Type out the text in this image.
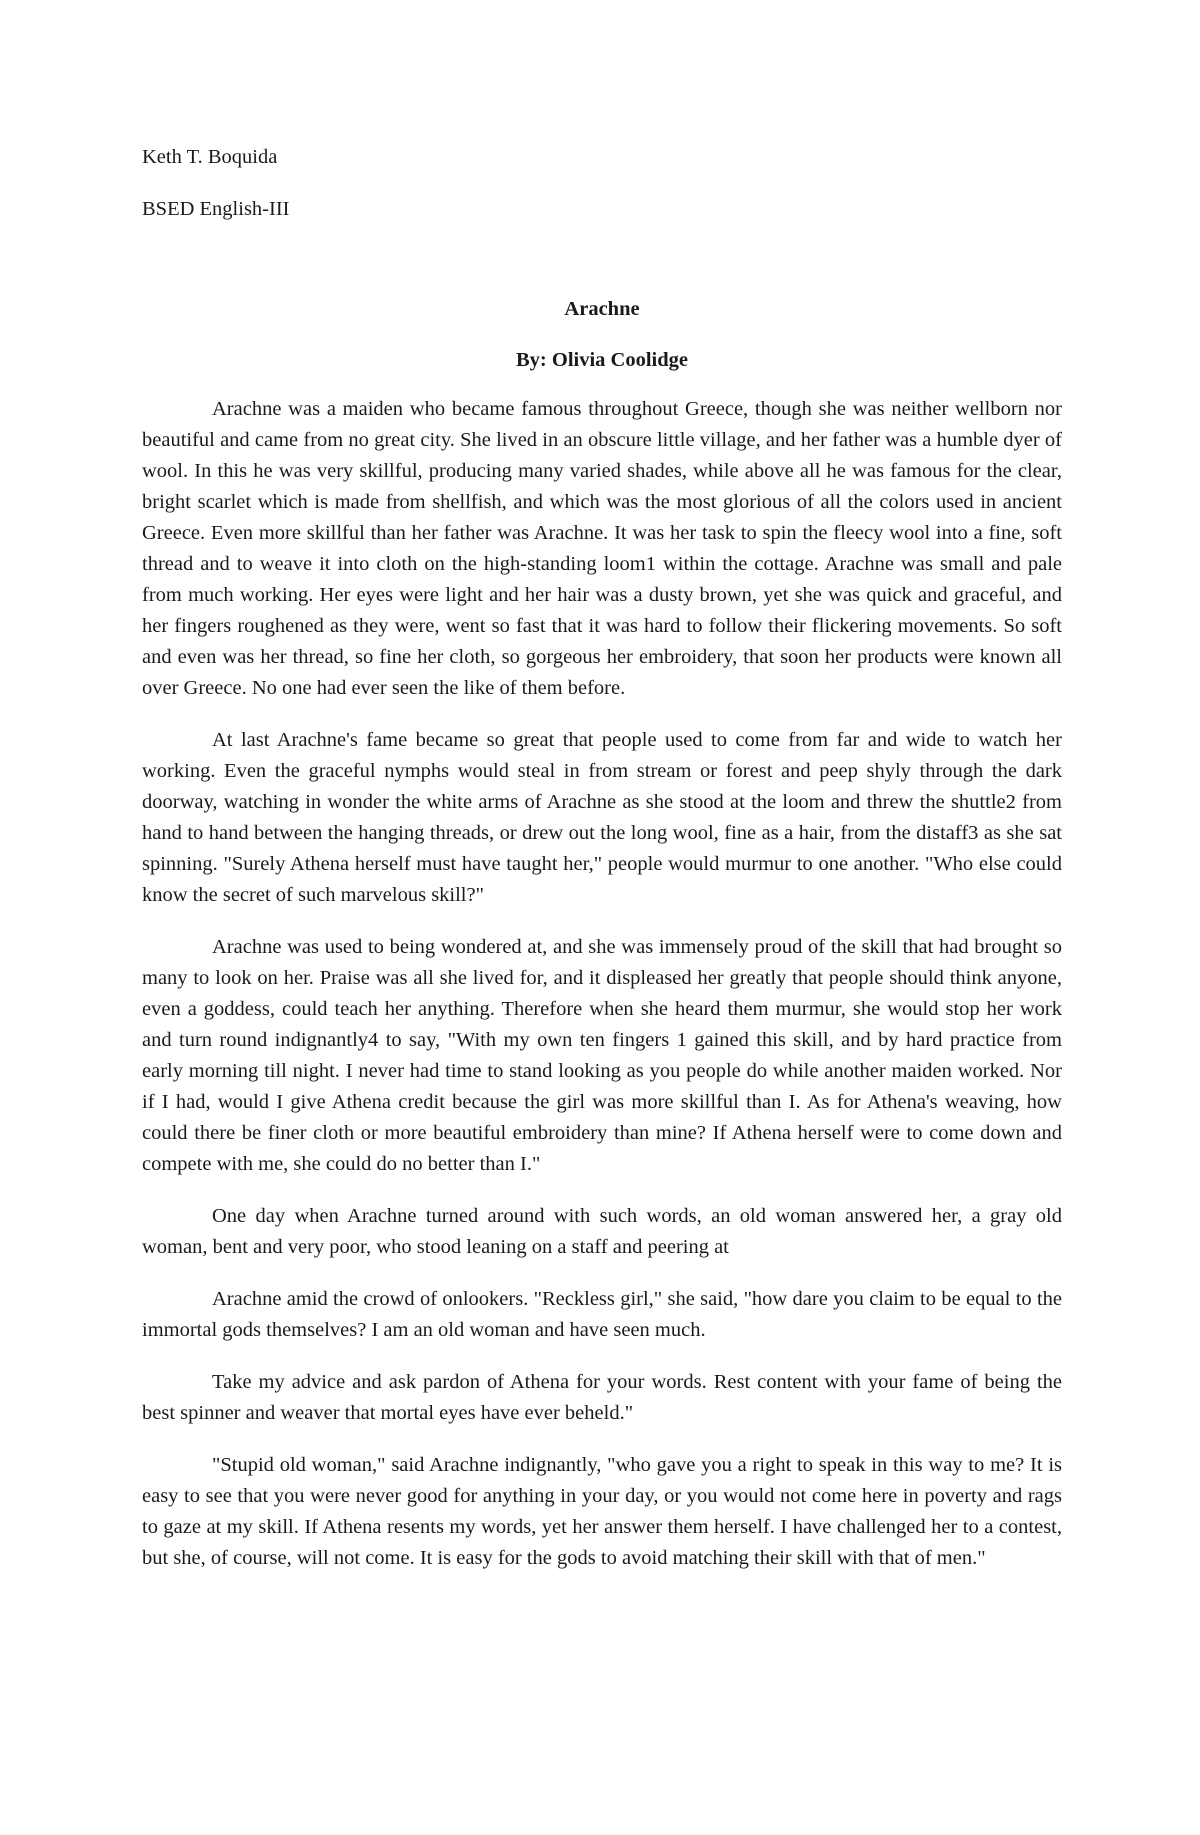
Keth T. Boquida
BSED English-III
Arachne
By: Olivia Coolidge

Arachne was a maiden who became famous throughout Greece, though she was neither wellborn nor beautiful and came from no great city. She lived in an obscure little village, and her father was a humble dyer of wool. In this he was very skillful, producing many varied shades, while above all he was famous for the clear, bright scarlet which is made from shellfish, and which was the most glorious of all the colors used in ancient Greece. Even more skillful than her father was Arachne. It was her task to spin the fleecy wool into a fine, soft thread and to weave it into cloth on the high-standing loom1 within the cottage. Arachne was small and pale from much working. Her eyes were light and her hair was a dusty brown, yet she was quick and graceful, and her fingers roughened as they were, went so fast that it was hard to follow their flickering movements. So soft and even was her thread, so fine her cloth, so gorgeous her embroidery, that soon her products were known all over Greece. No one had ever seen the like of them before.

At last Arachne's fame became so great that people used to come from far and wide to watch her working. Even the graceful nymphs would steal in from stream or forest and peep shyly through the dark doorway, watching in wonder the white arms of Arachne as she stood at the loom and threw the shuttle2 from hand to hand between the hanging threads, or drew out the long wool, fine as a hair, from the distaff3 as she sat spinning. "Surely Athena herself must have taught her," people would murmur to one another. "Who else could know the secret of such marvelous skill?"

Arachne was used to being wondered at, and she was immensely proud of the skill that had brought so many to look on her. Praise was all she lived for, and it displeased her greatly that people should think anyone, even a goddess, could teach her anything. Therefore when she heard them murmur, she would stop her work and turn round indignantly4 to say, "With my own ten fingers 1 gained this skill, and by hard practice from early morning till night. I never had time to stand looking as you people do while another maiden worked. Nor if I had, would I give Athena credit because the girl was more skillful than I. As for Athena's weaving, how could there be finer cloth or more beautiful embroidery than mine? If Athena herself were to come down and compete with me, she could do no better than I."

One day when Arachne turned around with such words, an old woman answered her, a gray old woman, bent and very poor, who stood leaning on a staff and peering at

Arachne amid the crowd of onlookers. "Reckless girl," she said, "how dare you claim to be equal to the immortal gods themselves? I am an old woman and have seen much.

Take my advice and ask pardon of Athena for your words. Rest content with your fame of being the best spinner and weaver that mortal eyes have ever beheld."

"Stupid old woman," said Arachne indignantly, "who gave you a right to speak in this way to me? It is easy to see that you were never good for anything in your day, or you would not come here in poverty and rags to gaze at my skill. If Athena resents my words, yet her answer them herself. I have challenged her to a contest, but she, of course, will not come. It is easy for the gods to avoid matching their skill with that of men."
